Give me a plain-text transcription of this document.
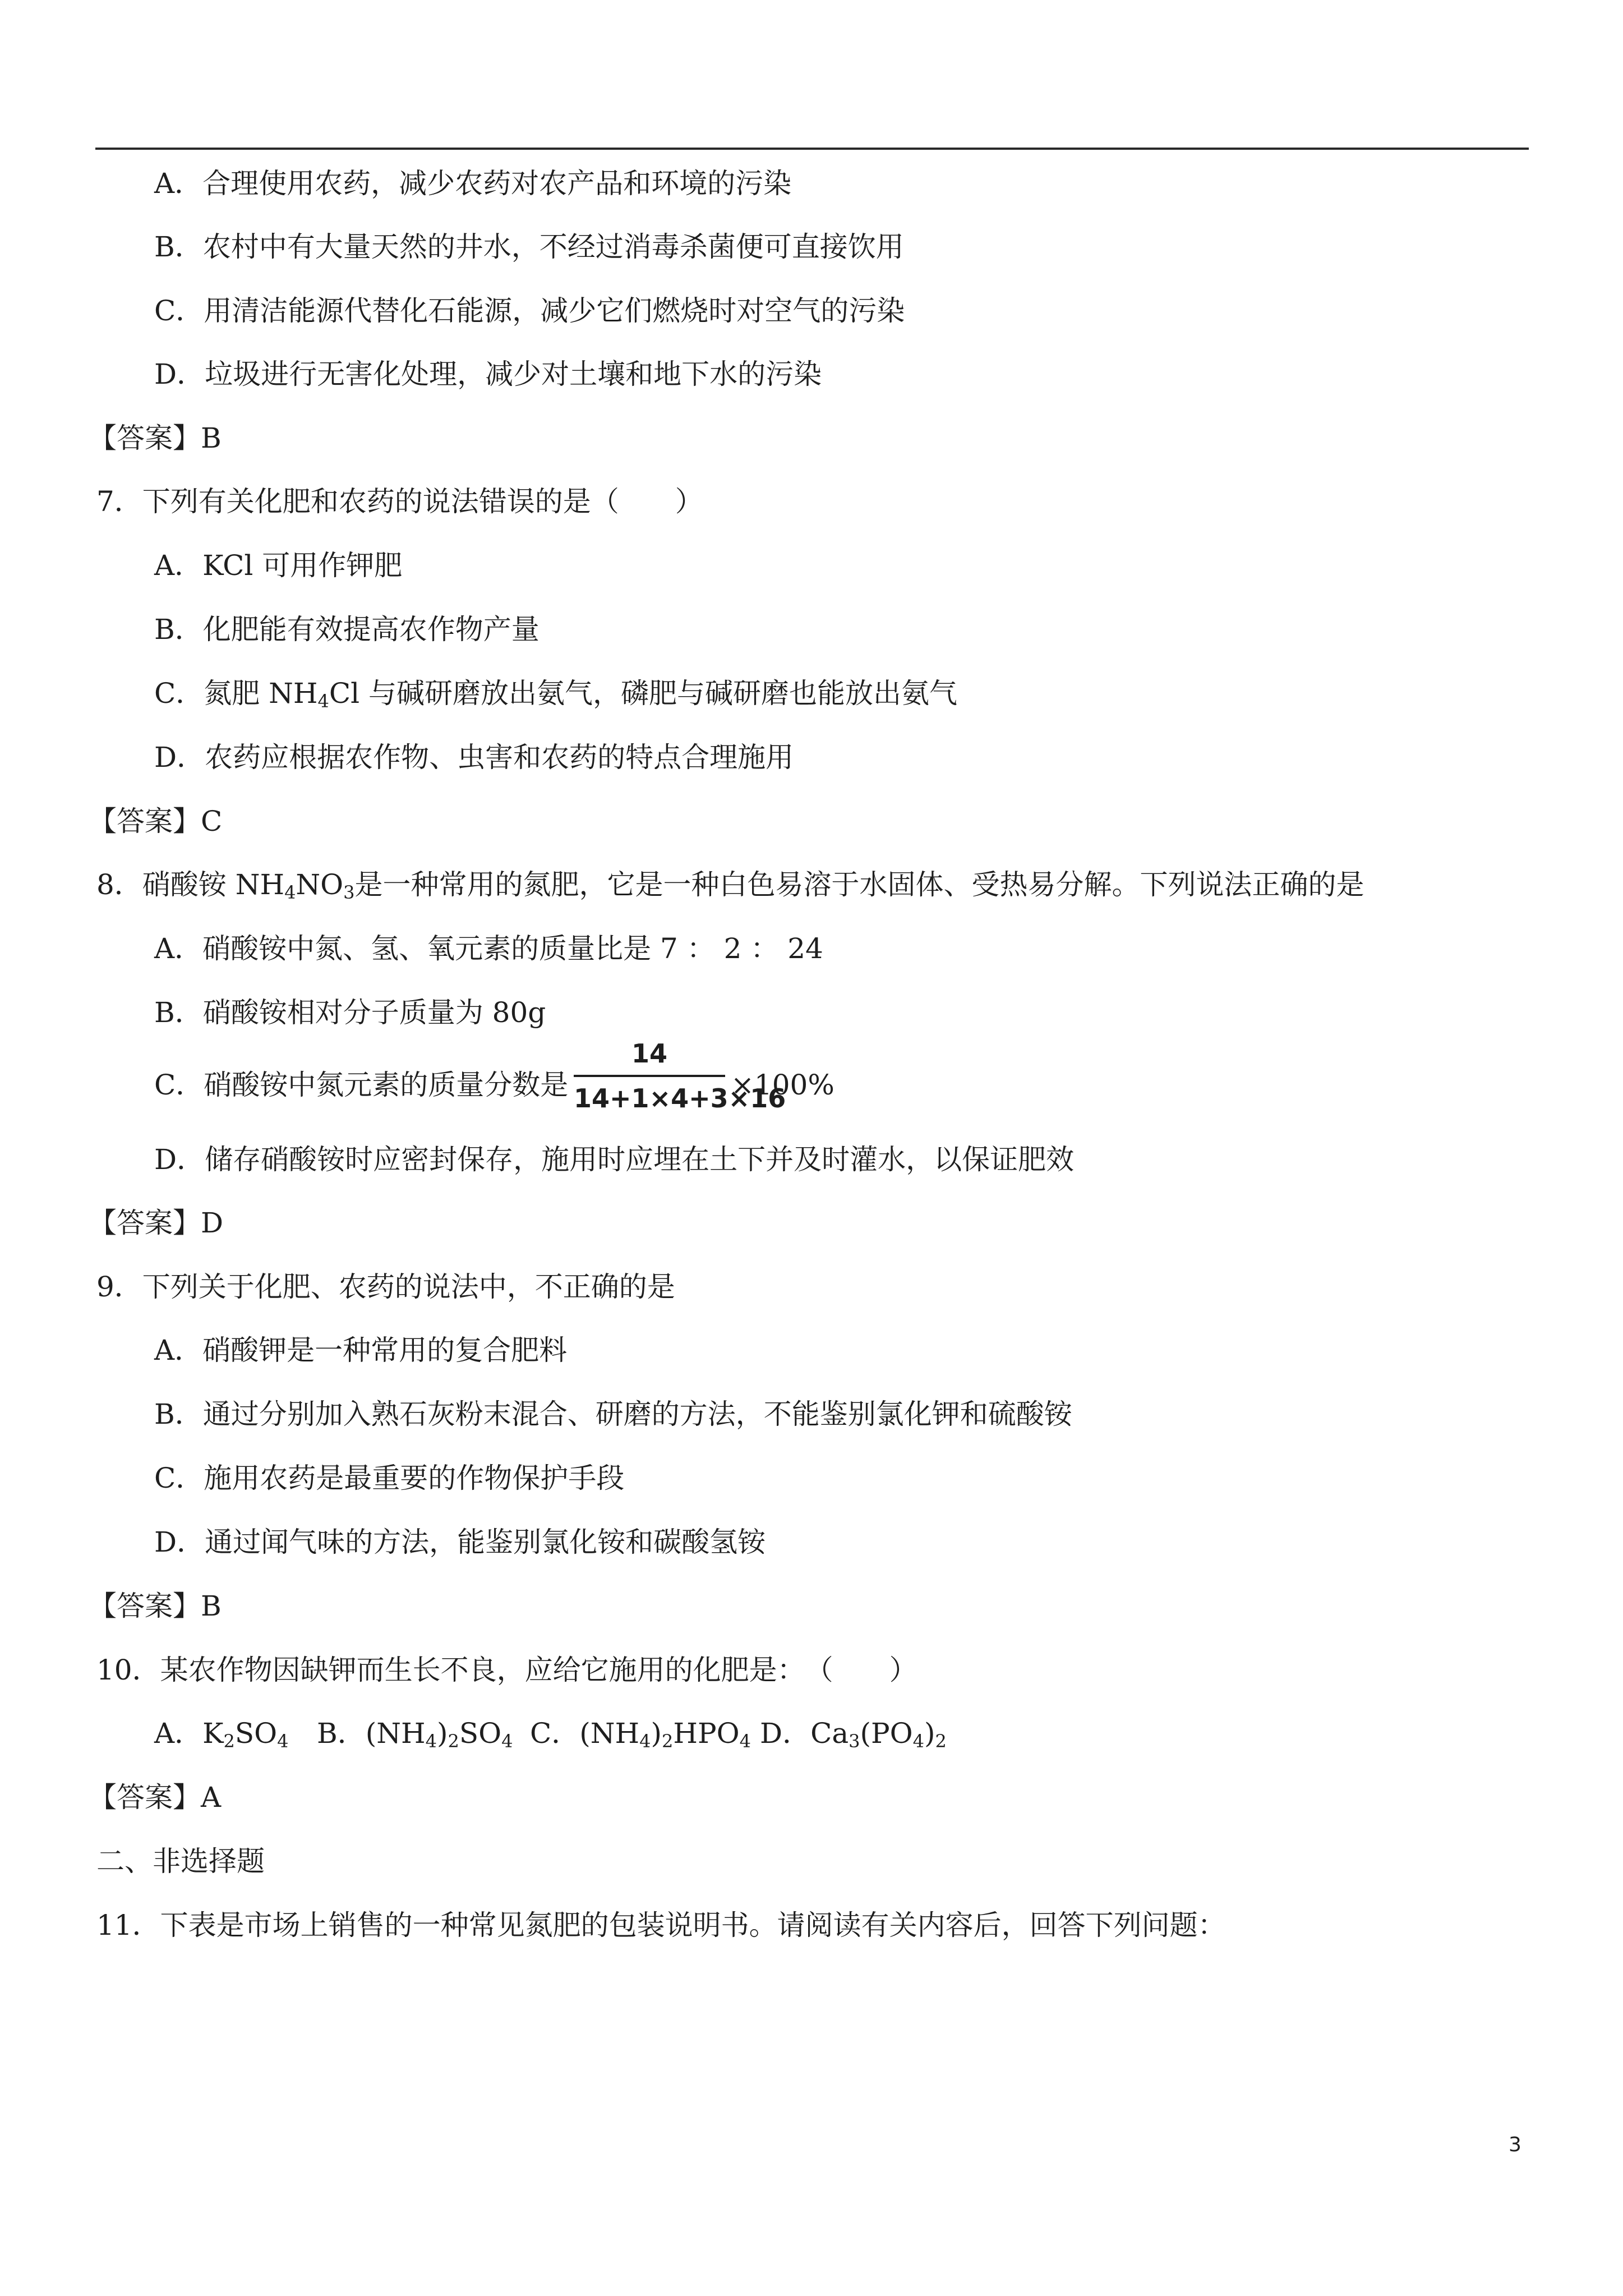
A．合理使用农药，减少农药对农产品和环境的污染
B．农村中有大量天然的井水，不经过消毒杀菌便可直接饮用
C．用清洁能源代替化石能源，减少它们燃烧时对空气的污染
D．垃圾进行无害化处理，减少对土壤和地下水的污染
【答案】B
7．下列有关化肥和农药的说法错误的是（　　）
A．KCl 可用作钾肥
B．化肥能有效提高农作物产量
C．氮肥 $NH_4Cl$ 与碱研磨放出氨气，磷肥与碱研磨也能放出氨气
D．农药应根据农作物、虫害和农药的特点合理施用
【答案】C
8．硝酸铵 $NH_4NO_3$是一种常用的氮肥，它是一种白色易溶于水固体、受热易分解。下列说法正确的是
A．硝酸铵中氮、氢、氧元素的质量比是 7 ： 2 ： 24
B．硝酸铵相对分子质量为 80g
C．硝酸铵中氮元素的质量分数是
14
14+1×4+3×16
×100%
D．储存硝酸铵时应密封保存，施用时应埋在土下并及时灌水，以保证肥效
【答案】D
9．下列关于化肥、农药的说法中，不正确的是
A．硝酸钾是一种常用的复合肥料
B．通过分别加入熟石灰粉末混合、研磨的方法，不能鉴别氯化钾和硫酸铵
C．施用农药是最重要的作物保护手段
D．通过闻气味的方法，能鉴别氯化铵和碳酸氢铵
【答案】B
10．某农作物因缺钾而生长不良，应给它施用的化肥是：　（　　）
A．$K_2SO_4$ B．$(NH_4)_2SO_4$ C．$(NH_4)_2HPO_4$ D．$Ca_3(PO_4)_2$
【答案】A
二、非选择题
11．下表是市场上销售的一种常见氮肥的包装说明书。请阅读有关内容后，回答下列问题：
3
